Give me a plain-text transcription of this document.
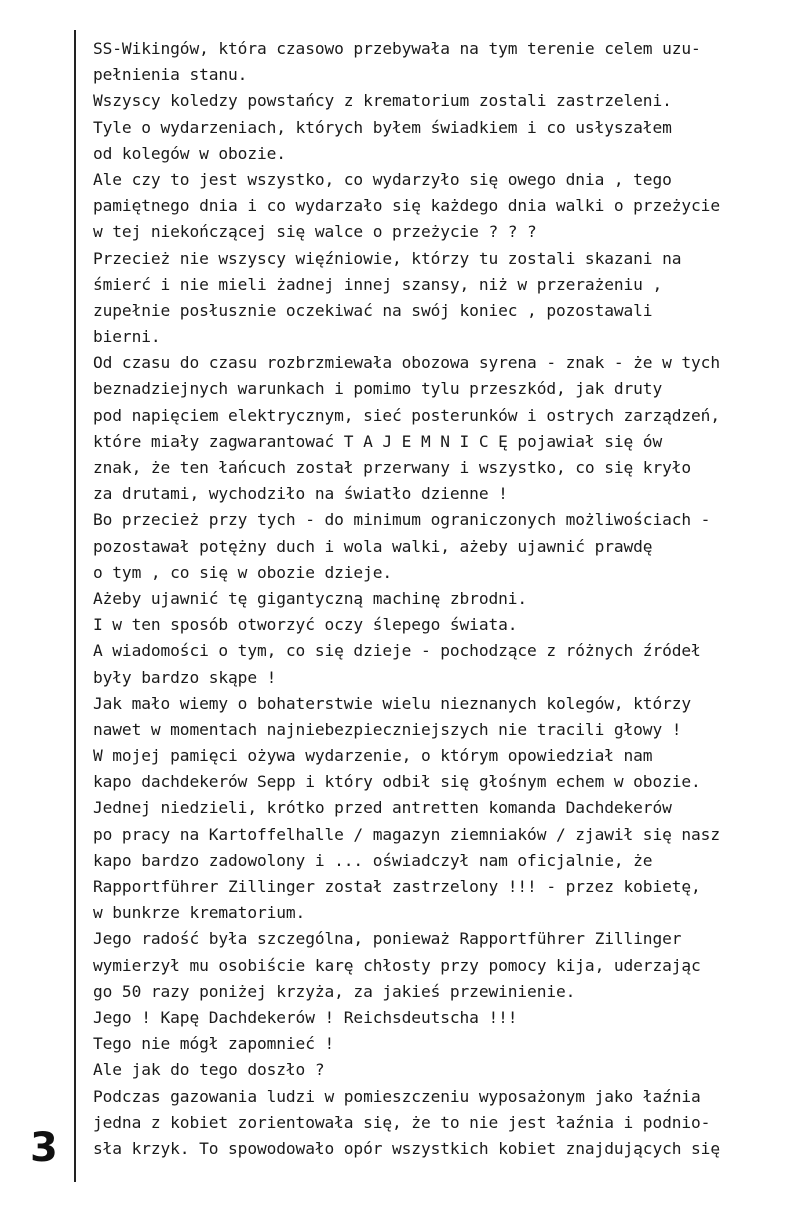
3
SS-Wikingów, która czasowo przebywała na tym terenie celem uzu-
pełnienia stanu.
Wszyscy koledzy powstańcy z krematorium zostali zastrzeleni.
Tyle o wydarzeniach, których byłem świadkiem i co usłyszałem
od kolegów w obozie.
Ale czy to jest wszystko, co wydarzyło się owego dnia , tego
pamiętnego dnia i co wydarzało się każdego dnia walki o przeżycie
w tej niekończącej się walce o przeżycie ? ? ?
Przecież nie wszyscy więźniowie, którzy tu zostali skazani na
śmierć i nie mieli żadnej innej szansy, niż w przerażeniu ,
zupełnie posłusznie oczekiwać na swój koniec , pozostawali
bierni.
Od czasu do czasu rozbrzmiewała obozowa syrena - znak - że w tych
beznadziejnych warunkach i pomimo tylu przeszkód, jak druty
pod napięciem elektrycznym, sieć posterunków i ostrych zarządzeń,
które miały zagwarantować T A J E M N I C Ę pojawiał się ów
znak, że ten łańcuch został przerwany i wszystko, co się kryło
za drutami, wychodziło na światło dzienne !
Bo przecież przy tych - do minimum ograniczonych możliwościach -
pozostawał potężny duch i wola walki, ażeby ujawnić prawdę
o tym , co się w obozie dzieje.
Ażeby ujawnić tę gigantyczną machinę zbrodni.
I w ten sposób otworzyć oczy ślepego świata.
A wiadomości o tym, co się dzieje - pochodzące z różnych źródeł
były bardzo skąpe !
Jak mało wiemy o bohaterstwie wielu nieznanych kolegów, którzy
nawet w momentach najniebezpieczniejszych nie tracili głowy !
W mojej pamięci ożywa wydarzenie, o którym opowiedział nam
kapo dachdekerów Sepp i który odbił się głośnym echem w obozie.
Jednej niedzieli, krótko przed antretten komanda Dachdekerów
po pracy na Kartoffelhalle / magazyn ziemniaków / zjawił się nasz
kapo bardzo zadowolony i ... oświadczył nam oficjalnie, że
Rapportführer Zillinger został zastrzelony !!! - przez kobietę,
w bunkrze krematorium.
Jego radość była szczególna, ponieważ Rapportführer Zillinger
wymierzył mu osobiście karę chłosty przy pomocy kija, uderzając
go 50 razy poniżej krzyża, za jakieś przewinienie.
Jego ! Kapę Dachdekerów ! Reichsdeutscha !!!
Tego nie mógł zapomnieć !
Ale jak do tego doszło ?
Podczas gazowania ludzi w pomieszczeniu wyposażonym jako łaźnia
jedna z kobiet zorientowała się, że to nie jest łaźnia i podnio-
sła krzyk. To spowodowało opór wszystkich kobiet znajdujących się
